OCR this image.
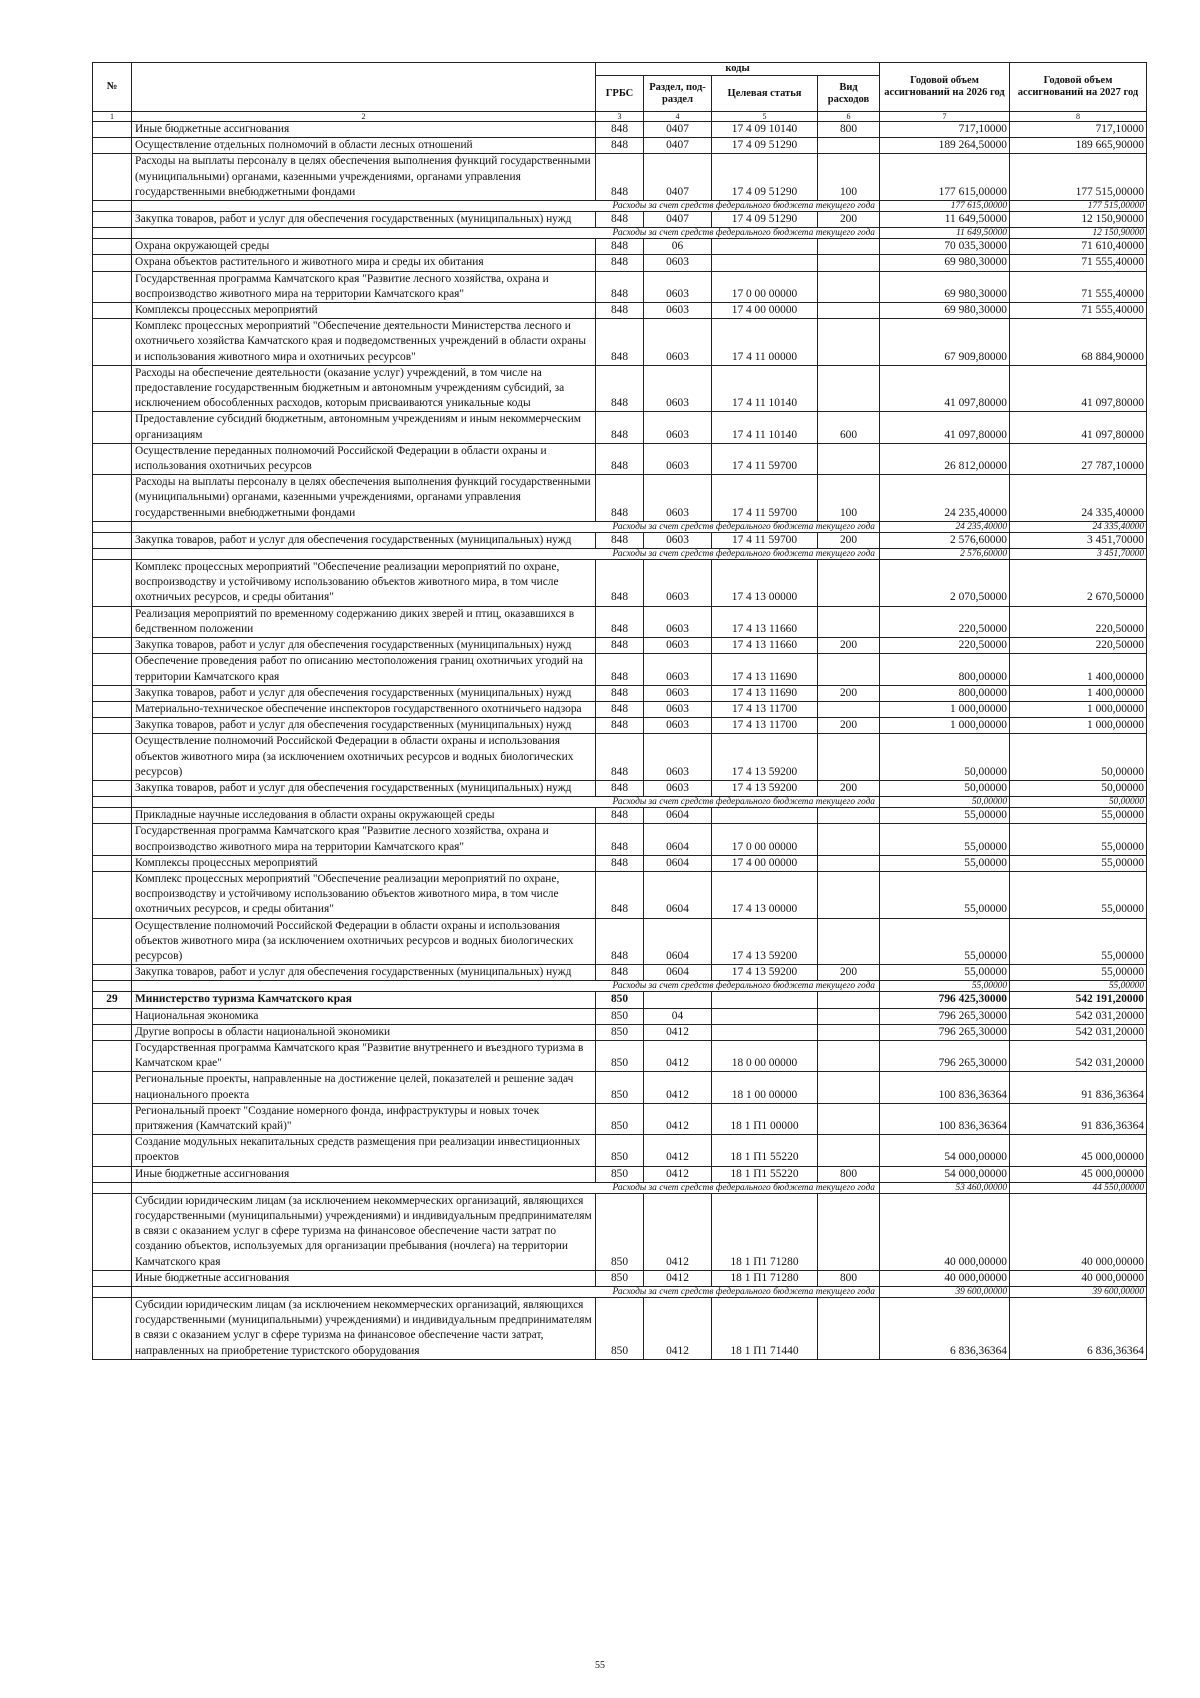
№		коды				Годовой объем ассигнований на 2026 год	Годовой объем ассигнований на 2027 год
		ГРБС	Раздел, под-раздел	Целевая статья	Вид расходов		
1	2	3	4	5	6	7	8
	Иные бюджетные ассигнования	848	0407	17 4 09 10140	800	717,10000	717,10000
	Осуществление отдельных полномочий в области лесных отношений	848	0407	17 4 09 51290		189 264,50000	189 665,90000
	Расходы на выплаты персоналу в целях обеспечения выполнения функций государственными (муниципальными) органами, казенными учреждениями, органами управления государственными внебюджетными фондами	848	0407	17 4 09 51290	100	177 615,00000	177 515,00000
	Расходы за счет средств федерального бюджета текущего года					177 615,00000	177 515,00000
	Закупка товаров, работ и услуг для обеспечения государственных (муниципальных) нужд	848	0407	17 4 09 51290	200	11 649,50000	12 150,90000
	Расходы за счет средств федерального бюджета текущего года					11 649,50000	12 150,90000
	Охрана окружающей среды	848	06			70 035,30000	71 610,40000
	Охрана объектов растительного и животного мира и среды их обитания	848	0603			69 980,30000	71 555,40000
	Государственная программа Камчатского края "Развитие лесного хозяйства, охрана и воспроизводство животного мира на территории Камчатского края"	848	0603	17 0 00 00000		69 980,30000	71 555,40000
	Комплексы процессных мероприятий	848	0603	17 4 00 00000		69 980,30000	71 555,40000
	Комплекс процессных мероприятий "Обеспечение деятельности Министерства лесного и охотничьего хозяйства Камчатского края и подведомственных учреждений в области охраны и использования животного мира и охотничьих ресурсов"	848	0603	17 4 11 00000		67 909,80000	68 884,90000
	Расходы на обеспечение деятельности (оказание услуг) учреждений, в том числе на предоставление государственным бюджетным и автономным учреждениям субсидий, за исключением обособленных расходов, которым присваиваются уникальные коды	848	0603	17 4 11 10140		41 097,80000	41 097,80000
	Предоставление субсидий бюджетным, автономным учреждениям и иным некоммерческим организациям	848	0603	17 4 11 10140	600	41 097,80000	41 097,80000
	Осуществление переданных полномочий Российской Федерации в области охраны и использования охотничьих ресурсов	848	0603	17 4 11 59700		26 812,00000	27 787,10000
	Расходы на выплаты персоналу в целях обеспечения выполнения функций государственными (муниципальными) органами, казенными учреждениями, органами управления государственными внебюджетными фондами	848	0603	17 4 11 59700	100	24 235,40000	24 335,40000
	Расходы за счет средств федерального бюджета текущего года					24 235,40000	24 335,40000
	Закупка товаров, работ и услуг для обеспечения государственных (муниципальных) нужд	848	0603	17 4 11 59700	200	2 576,60000	3 451,70000
	Расходы за счет средств федерального бюджета текущего года					2 576,60000	3 451,70000
	Комплекс процессных мероприятий "Обеспечение реализации мероприятий по охране, воспроизводству и устойчивому использованию объектов животного мира, в том числе охотничьих ресурсов, и среды обитания"	848	0603	17 4 13 00000		2 070,50000	2 670,50000
	Реализация мероприятий по временному содержанию диких зверей и птиц, оказавшихся в бедственном положении	848	0603	17 4 13 11660		220,50000	220,50000
	Закупка товаров, работ и услуг для обеспечения государственных (муниципальных) нужд	848	0603	17 4 13 11660	200	220,50000	220,50000
	Обеспечение проведения работ по описанию местоположения границ охотничьих угодий на территории Камчатского края	848	0603	17 4 13 11690		800,00000	1 400,00000
	Закупка товаров, работ и услуг для обеспечения государственных (муниципальных) нужд	848	0603	17 4 13 11690	200	800,00000	1 400,00000
	Материально-техническое обеспечение инспекторов государственного охотничьего надзора	848	0603	17 4 13 11700		1 000,00000	1 000,00000
	Закупка товаров, работ и услуг для обеспечения государственных (муниципальных) нужд	848	0603	17 4 13 11700	200	1 000,00000	1 000,00000
	Осуществление полномочий Российской Федерации в области охраны и использования объектов животного мира (за исключением охотничьих ресурсов и водных биологических ресурсов)	848	0603	17 4 13 59200		50,00000	50,00000
	Закупка товаров, работ и услуг для обеспечения государственных (муниципальных) нужд	848	0603	17 4 13 59200	200	50,00000	50,00000
	Расходы за счет средств федерального бюджета текущего года					50,00000	50,00000
	Прикладные научные исследования в области охраны окружающей среды	848	0604			55,00000	55,00000
	Государственная программа Камчатского края "Развитие лесного хозяйства, охрана и воспроизводство животного мира на территории Камчатского края"	848	0604	17 0 00 00000		55,00000	55,00000
	Комплексы процессных мероприятий	848	0604	17 4 00 00000		55,00000	55,00000
	Комплекс процессных мероприятий "Обеспечение реализации мероприятий по охране, воспроизводству и устойчивому использованию объектов животного мира, в том числе охотничьих ресурсов, и среды обитания"	848	0604	17 4 13 00000		55,00000	55,00000
	Осуществление полномочий Российской Федерации в области охраны и использования объектов животного мира (за исключением охотничьих ресурсов и водных биологических ресурсов)	848	0604	17 4 13 59200		55,00000	55,00000
	Закупка товаров, работ и услуг для обеспечения государственных (муниципальных) нужд	848	0604	17 4 13 59200	200	55,00000	55,00000
	Расходы за счет средств федерального бюджета текущего года					55,00000	55,00000
29	Министерство туризма Камчатского края	850				796 425,30000	542 191,20000
	Национальная экономика	850	04			796 265,30000	542 031,20000
	Другие вопросы в области национальной экономики	850	0412			796 265,30000	542 031,20000
	Государственная программа Камчатского края "Развитие внутреннего и въездного туризма в Камчатском крае"	850	0412	18 0 00 00000		796 265,30000	542 031,20000
	Региональные проекты, направленные на достижение целей, показателей и решение задач национального проекта	850	0412	18 1 00 00000		100 836,36364	91 836,36364
	Региональный проект "Создание номерного фонда, инфраструктуры и новых точек притяжения (Камчатский край)"	850	0412	18 1 П1 00000		100 836,36364	91 836,36364
	Создание модульных некапитальных средств размещения при реализации инвестиционных проектов	850	0412	18 1 П1 55220		54 000,00000	45 000,00000
	Иные бюджетные ассигнования	850	0412	18 1 П1 55220	800	54 000,00000	45 000,00000
	Расходы за счет средств федерального бюджета текущего года					53 460,00000	44 550,00000
	Субсидии юридическим лицам (за исключением некоммерческих организаций, являющихся государственными (муниципальными) учреждениями) и индивидуальным предпринимателям в связи с оказанием услуг в сфере туризма на финансовое обеспечение части затрат по созданию объектов, используемых для организации пребывания (ночлега) на территории Камчатского края	850	0412	18 1 П1 71280		40 000,00000	40 000,00000
	Иные бюджетные ассигнования	850	0412	18 1 П1 71280	800	40 000,00000	40 000,00000
	Расходы за счет средств федерального бюджета текущего года					39 600,00000	39 600,00000
	Субсидии юридическим лицам (за исключением некоммерческих организаций, являющихся государственными (муниципальными) учреждениями) и индивидуальным предпринимателям в связи с оказанием услуг в сфере туризма на финансовое обеспечение части затрат, направленных на приобретение туристского оборудования	850	0412	18 1 П1 71440		6 836,36364	6 836,36364
55
